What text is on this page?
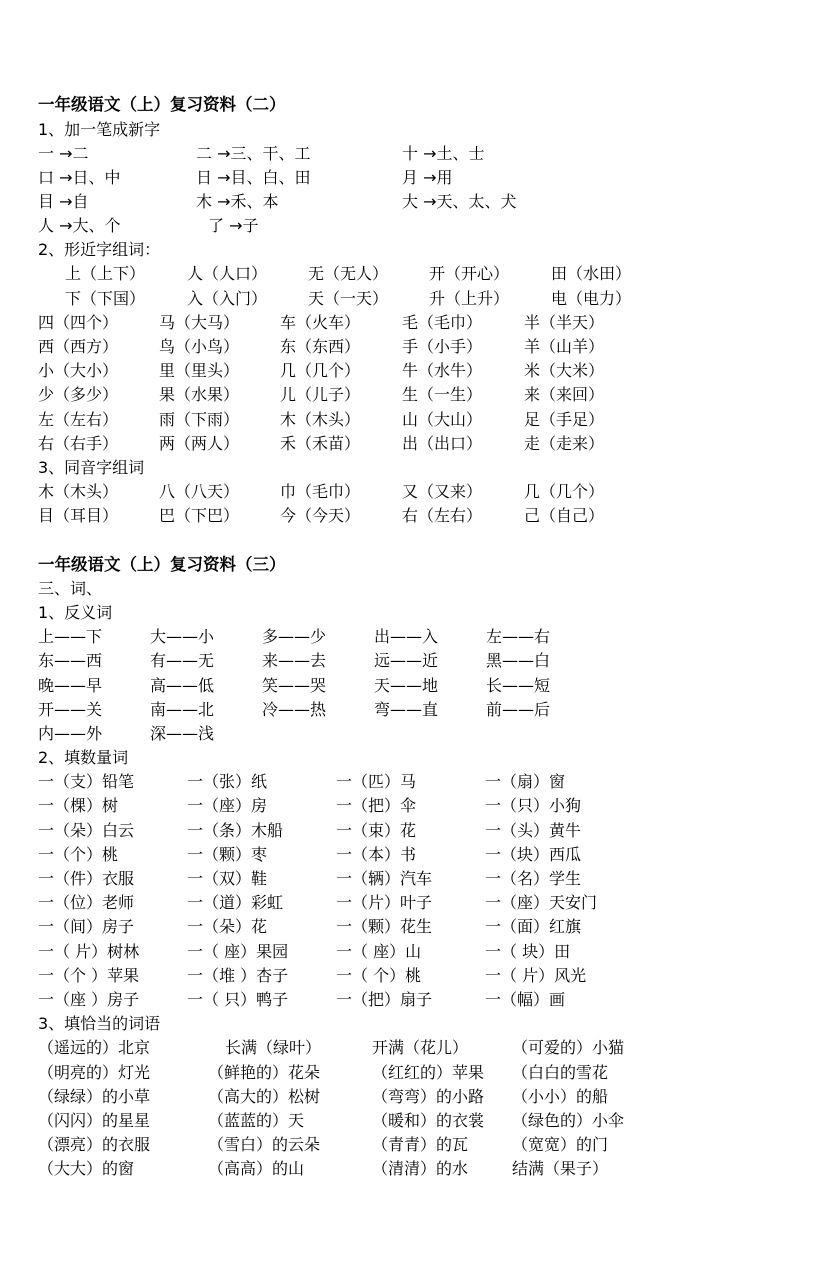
一年级语文（上）复习资料（二）
1、加一笔成新字
一 →二	二 →三、干、工	十 →土、士
口 →日、中	日 →目、白、田	月 →用
目 →自	木 →禾、本	大 →天、太、犬
人 →大、个	了 →子
2、形近字组词：
上（上下）	人（人口）	无（无人）	开（开心）	田（水田）
下（下国）	入（入门）	天（一天）	升（上升）	电（电力）
四（四个）	马（大马）	车（火车）	毛（毛巾）	半（半天）
西（西方）	鸟（小鸟）	东（东西）	手（小手）	羊（山羊）
小（大小）	里（里头）	几（几个）	牛（水牛）	米（大米）
少（多少）	果（水果）	儿（儿子）	生（一生）	来（来回）
左（左右）	雨（下雨）	木（木头）	山（大山）	足（手足）
右（右手）	两（两人）	禾（禾苗）	出（出口）	走（走来）
3、同音字组词
木（木头）	八（八天）	巾（毛巾）	又（又来）	几（几个）
目（耳目）	巴（下巴）	今（今天）	右（左右）	己（自己）
一年级语文（上）复习资料（三）
三、词、
1、反义词
上——下	大——小	多——少	出——入	左——右
东——西	有——无	来——去	远——近	黑——白
晚——早	高——低	笑——哭	天——地	长——短
开——关	南——北	冷——热	弯——直	前——后
内——外	深——浅
2、填数量词
一（支）铅笔	一（张）纸	一（匹）马	一（扇）窗
一（棵）树	一（座）房	一（把）伞	一（只）小狗
一（朵）白云	一（条）木船	一（束）花	一（头）黄牛
一（个）桃	一（颗）枣	一（本）书	一（块）西瓜
一（件）衣服	一（双）鞋	一（辆）汽车	一（名）学生
一（位）老师	一（道）彩虹	一（片）叶子	一（座）天安门
一（间）房子	一（朵）花	一（颗）花生	一（面）红旗
一（ 片）树林	一（ 座）果园	一（ 座）山	一（ 块）田
一（个 ）苹果	一（堆 ）杏子	一（ 个）桃	一（ 片）风光
一（座 ）房子	一（ 只）鸭子	一（把）扇子	一（幅）画
3、填恰当的词语
（遥远的）北京	长满（绿叶）	开满（花儿）	（可爱的）小猫
（明亮的）灯光	（鲜艳的）花朵	（红红的）苹果 （白白的雪花
（绿绿）的小草	（高大的）松树	（弯弯）的小路 （小小）的船
（闪闪）的星星	（蓝蓝的）天	（暖和）的衣裳 （绿色的）小伞
（漂亮）的衣服	（雪白）的云朵	（青青）的瓦	（宽宽）的门
（大大）的窗	（高高）的山	（清清）的水	结满（果子）
